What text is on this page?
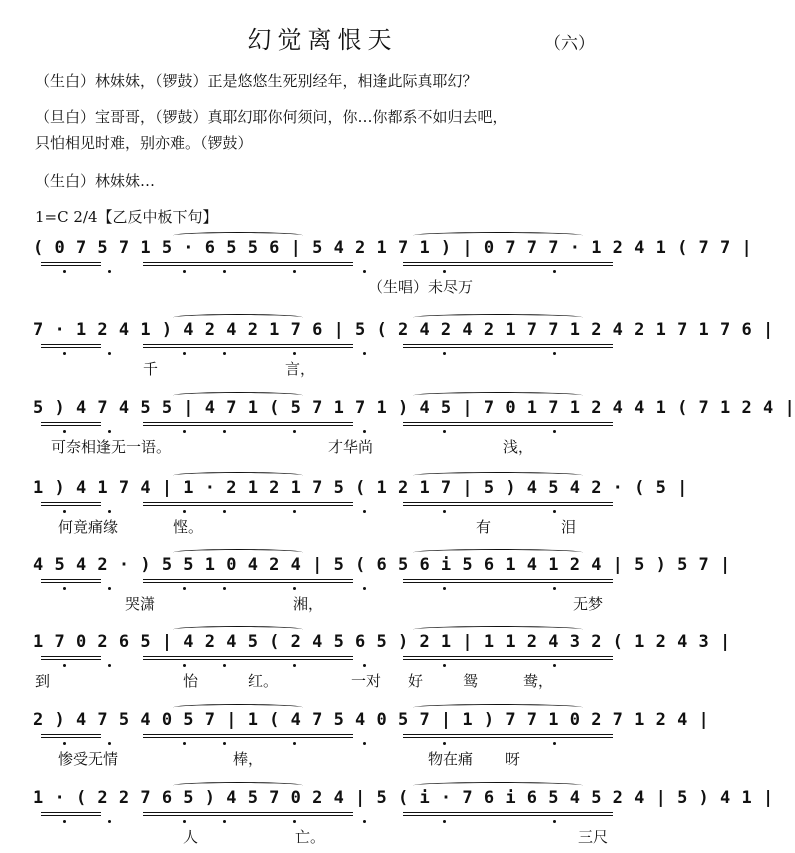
幻觉离恨天	（六）
（生白）林妹妹，（锣鼓）正是悠悠生死别经年，相逢此际真耶幻？
（旦白）宝哥哥，（锣鼓）真耶幻耶你何须问，你…你都系不如归去吧，
只怕相见时难，别亦难。（锣鼓）
（生白）林妹妹…
1=C 2/4【乙反中板下句】
( 0 7 5 7 1 5 · 6 5 5 6 | 5 4 2 1 7 1 ) | 0 7 7 7 · 1 2 4 1 ( 7 7 |
（生唱）未尽万
7 · 1 2 4 1 ) 4 2 4 2 1 7 6 | 5 ( 2 4 2 4 2 1 7 7 1 2 4 2 1 7 1 7 6 |
千	言，
5 ) 4 7 4 5 5 | 4 7 1 ( 5 7 1 7 1 ) 4 5 | 7 0 1 7 1 2 4 4 1 ( 7 1 2 4 |
可奈相逢无一语。	才华尚	浅，
1 ) 4 1 7 4 | 1 · 2 1 2 1 7 5 ( 1 2 1 7 | 5 ) 4 5 4 2 · ( 5 |
何竟痛缘	悭。	有	泪
4 5 4 2 · ) 5 5 1 0 4 2 4 | 5 ( 6 5 6 i 5 6 1 4 1 2 4 | 5 ) 5 7 |
哭潇	湘，	无梦
1 7 0 2 6 5 | 4 2 4 5 ( 2 4 5 6 5 ) 2 1 | 1 1 2 4 3 2 ( 1 2 4 3 |
到	怡	红。	一对 好	鸳	鸯，
2 ) 4 7 5 4 0 5 7 | 1 ( 4 7 5 4 0 5 7 | 1 ) 7 7 1 0 2 7 1 2 4 |
惨受无情	棒，	物在痛 呀
1 · ( 2 2 7 6 5 ) 4 5 7 0 2 4 | 5 ( i · 7 6 i 6 5 4 5 2 4 | 5 ) 4 1 |
人	亡。	三尺
